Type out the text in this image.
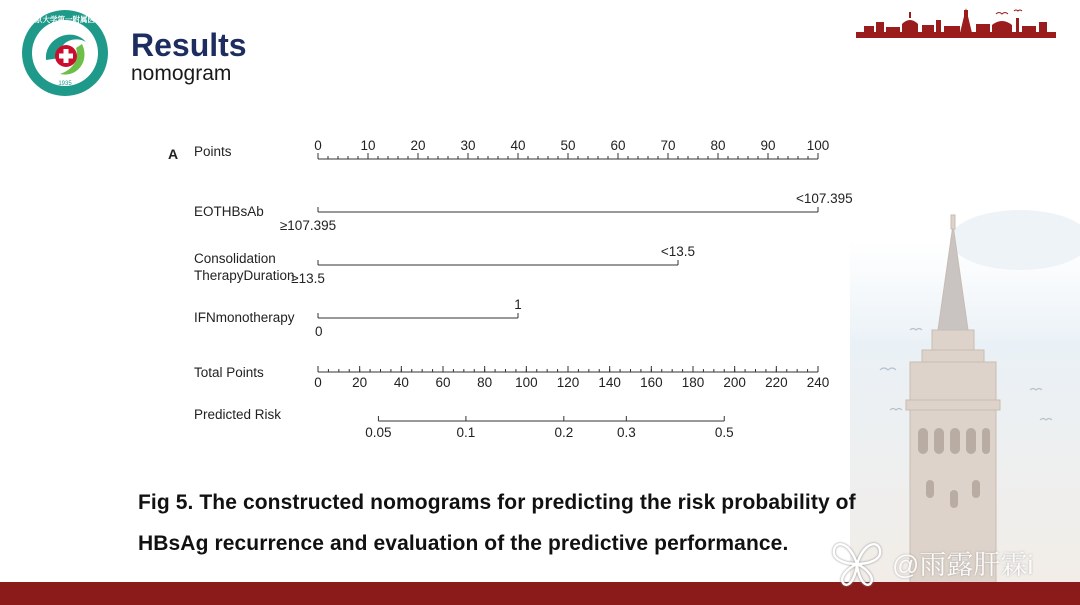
南京大学第一附属医院
1935
Results
nomogram
A Points	0	10	20	30	40	50	60	70	80	90 100
EOTHBsAb
≥107.395
<107.395
Consolidation
TherapyDuration
≥13.5
<13.5
IFNmonotherapy
0
1
Total Points
0 20 40 60 80 100 120 140 160 180 200 220 240
Predicted Risk
0.05	0.1	0.2	0.3	0.5
Fig 5. The constructed nomograms for predicting the risk probability of
HBsAg recurrence and evaluation of the predictive performance.
@雨露肝霖i
